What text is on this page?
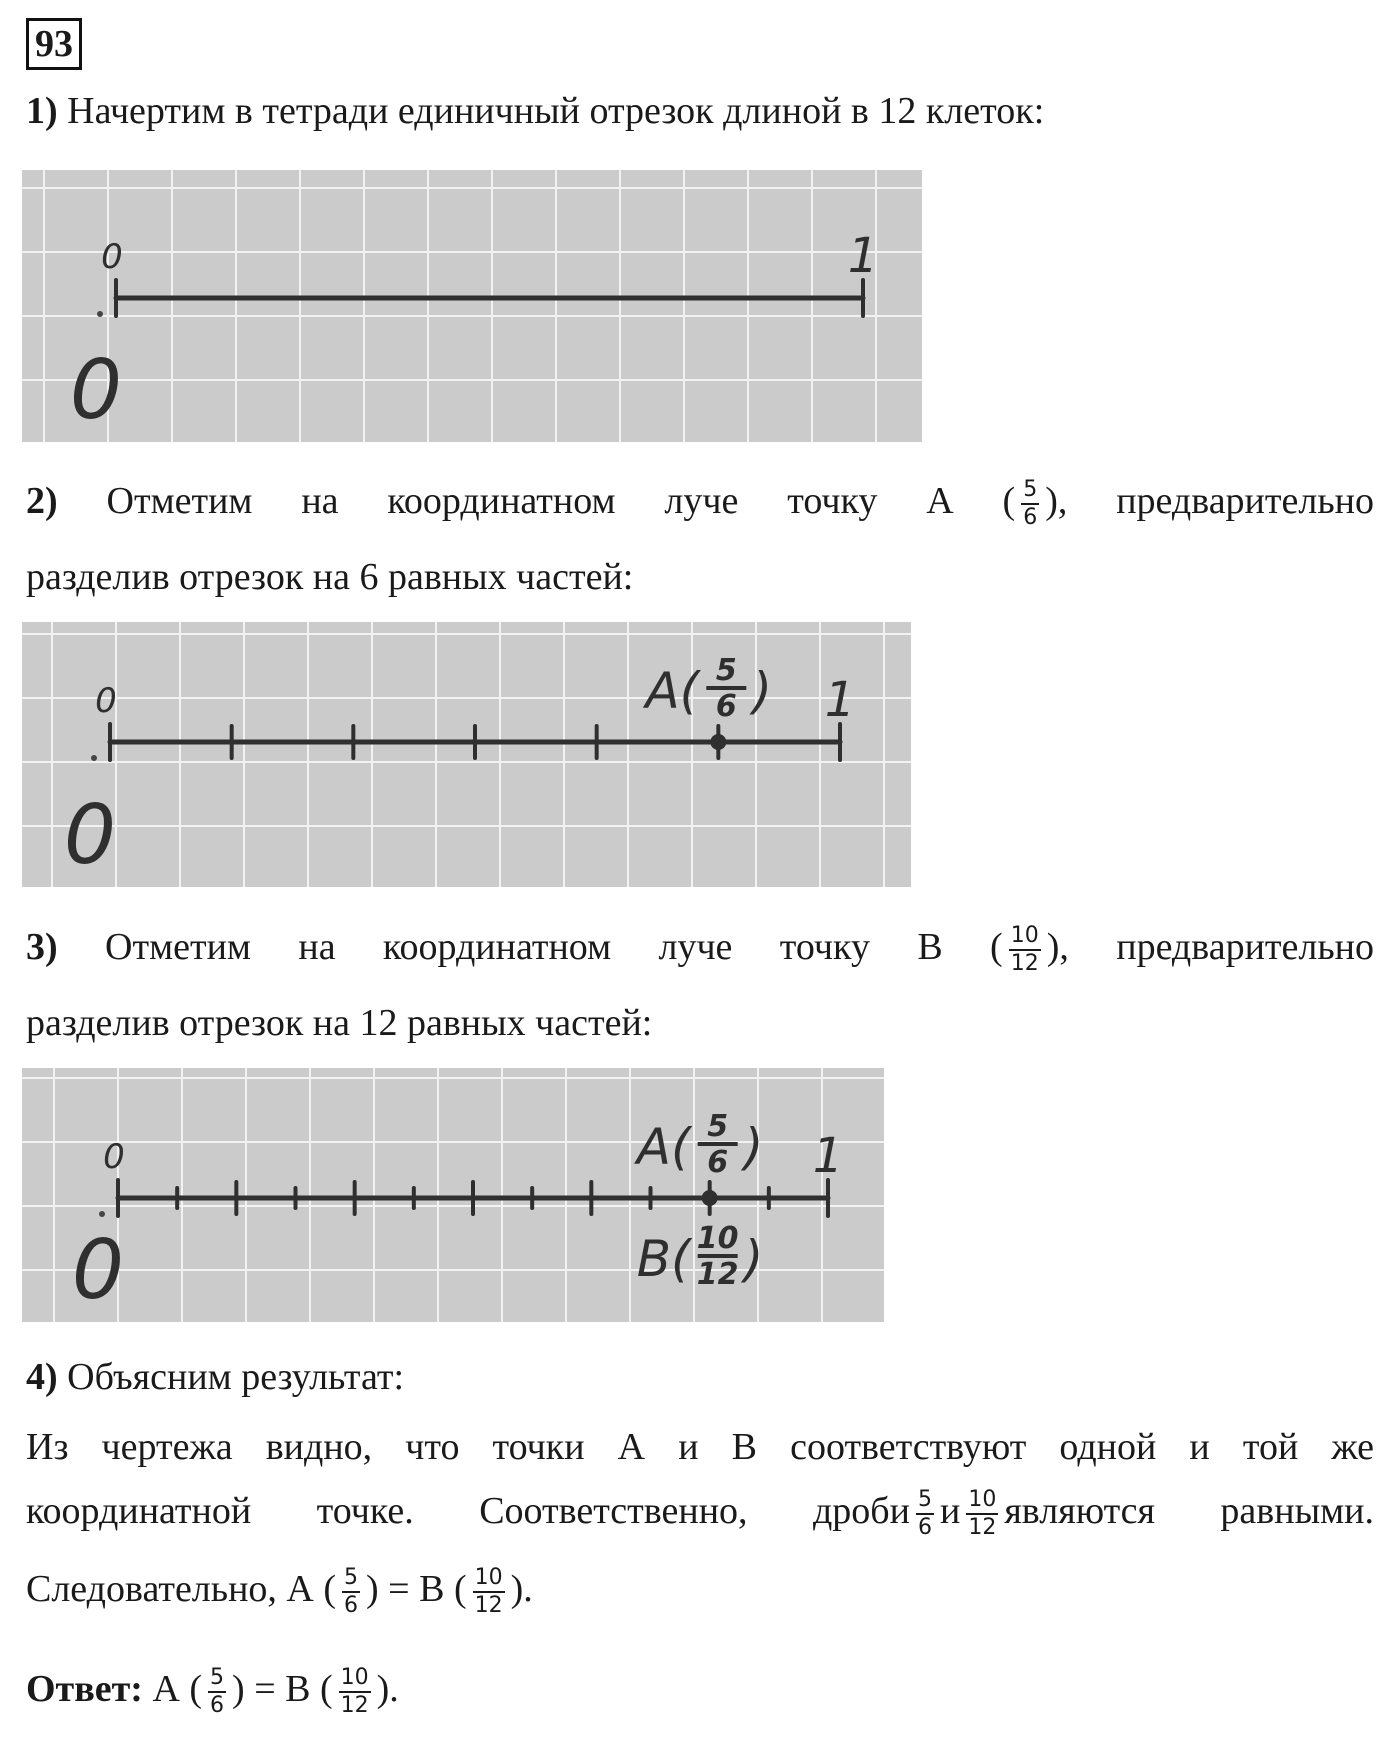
93
1) Начертим в тетради единичный отрезок длиной в 12 клеток:
0	1
0
2) Отметим на координатном луче точку А ( $\frac{5}{6}$ ), предварительно
разделив отрезок на 6 равных частей:
0	1
0
A( 5
6 )
3) Отметим на координатном луче точку В ( $\frac{10}{12}$ ), предварительно
разделив отрезок на 12 равных частей:
0	1
0
A( 5
6 )
B( 10
12 )
4) Объясним результат:
Из чертежа видно, что точки А и В соответствуют одной и той же
координатной точке. Соответственно, дроби $\frac{5}{6}$ и $\frac{10}{12}$ являются равными.
Следовательно, А ( $\frac{5}{6}$ ) = В ( $\frac{10}{12}$ ).
Ответ: А ( $\frac{5}{6}$ ) = В ( $\frac{10}{12}$ ).
